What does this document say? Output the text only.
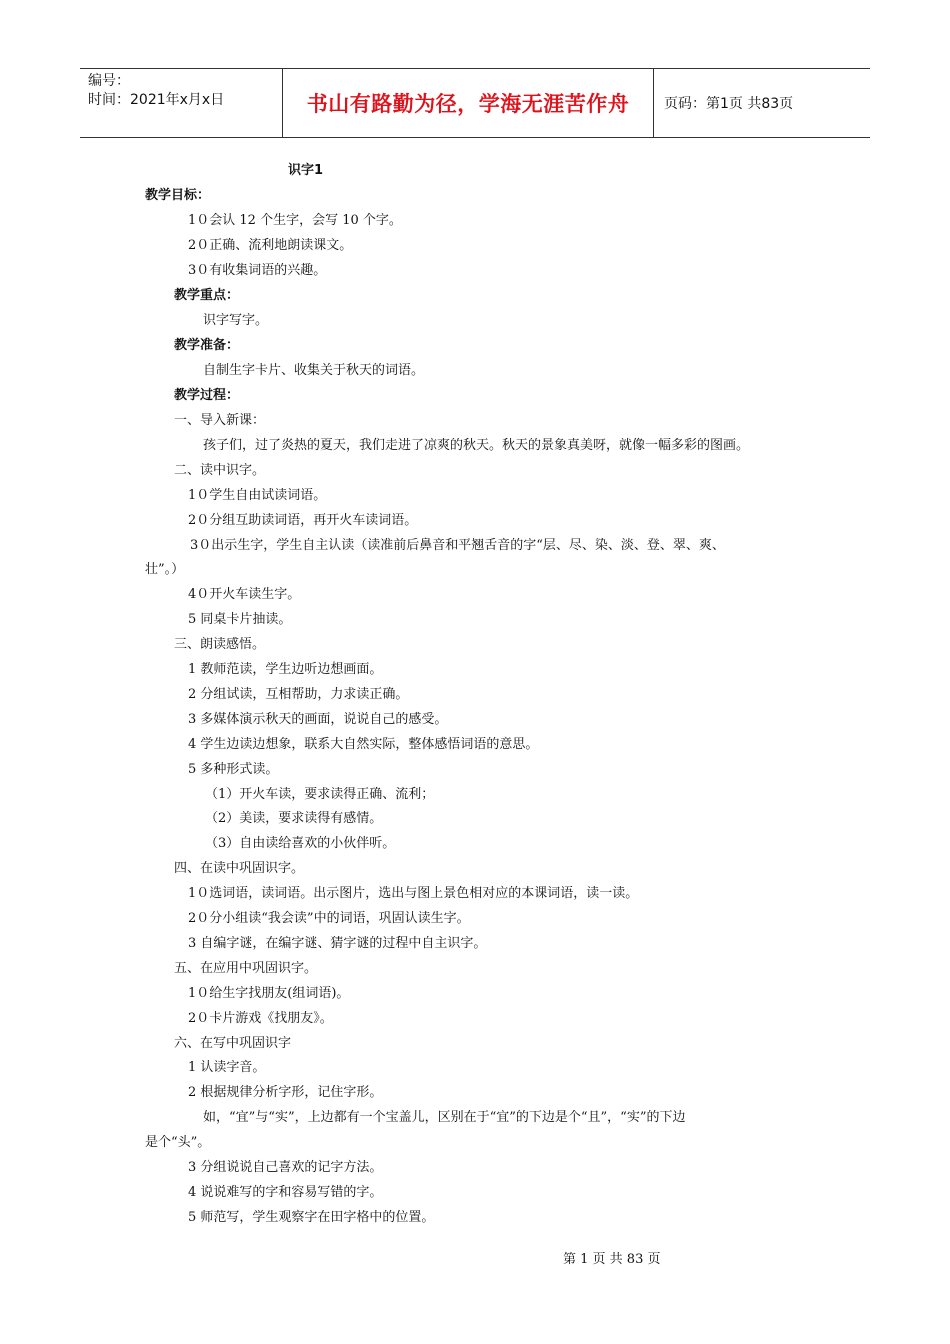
编号：
时间：2021年x月x日	书山有路勤为径，学海无涯苦作舟	页码：第1页 共83页
识字1
教学目标：
1０会认 12 个生字，会写 10 个字。
2０正确、流利地朗读课文。
3０有收集词语的兴趣。
教学重点：
识字写字。
教学准备：
自制生字卡片、收集关于秋天的词语。
教学过程：
一、导入新课：
孩子们，过了炎热的夏天，我们走进了凉爽的秋天。秋天的景象真美呀，就像一幅多彩的图画。
二、读中识字。
1０学生自由试读词语。
2０分组互助读词语，再开火车读词语。
3０出示生字，学生自主认读（读准前后鼻音和平翘舌音的字“层、尽、染、淡、登、翠、爽、
壮”。）
4０开火车读生字。
5 同桌卡片抽读。
三、朗读感悟。
1 教师范读，学生边听边想画面。
2 分组试读，互相帮助，力求读正确。
3 多媒体演示秋天的画面，说说自己的感受。
4 学生边读边想象，联系大自然实际，整体感悟词语的意思。
5 多种形式读。
（1）开火车读，要求读得正确、流利；
（2）美读，要求读得有感情。
（3）自由读给喜欢的小伙伴听。
四、在读中巩固识字。
1０选词语，读词语。出示图片，选出与图上景色相对应的本课词语，读一读。
2０分小组读“我会读”中的词语，巩固认读生字。
3 自编字谜，在编字谜、猜字谜的过程中自主识字。
五、在应用中巩固识字。
1０给生字找朋友(组词语)。
2０卡片游戏《找朋友》。
六、在写中巩固识字
1 认读字音。
2 根据规律分析字形，记住字形。
如，“宜”与“实”，上边都有一个宝盖儿，区别在于“宜”的下边是个“且”，“实”的下边
是个“头”。
3 分组说说自己喜欢的记字方法。
4 说说难写的字和容易写错的字。
5 师范写，学生观察字在田字格中的位置。
第 1 页 共 83 页
